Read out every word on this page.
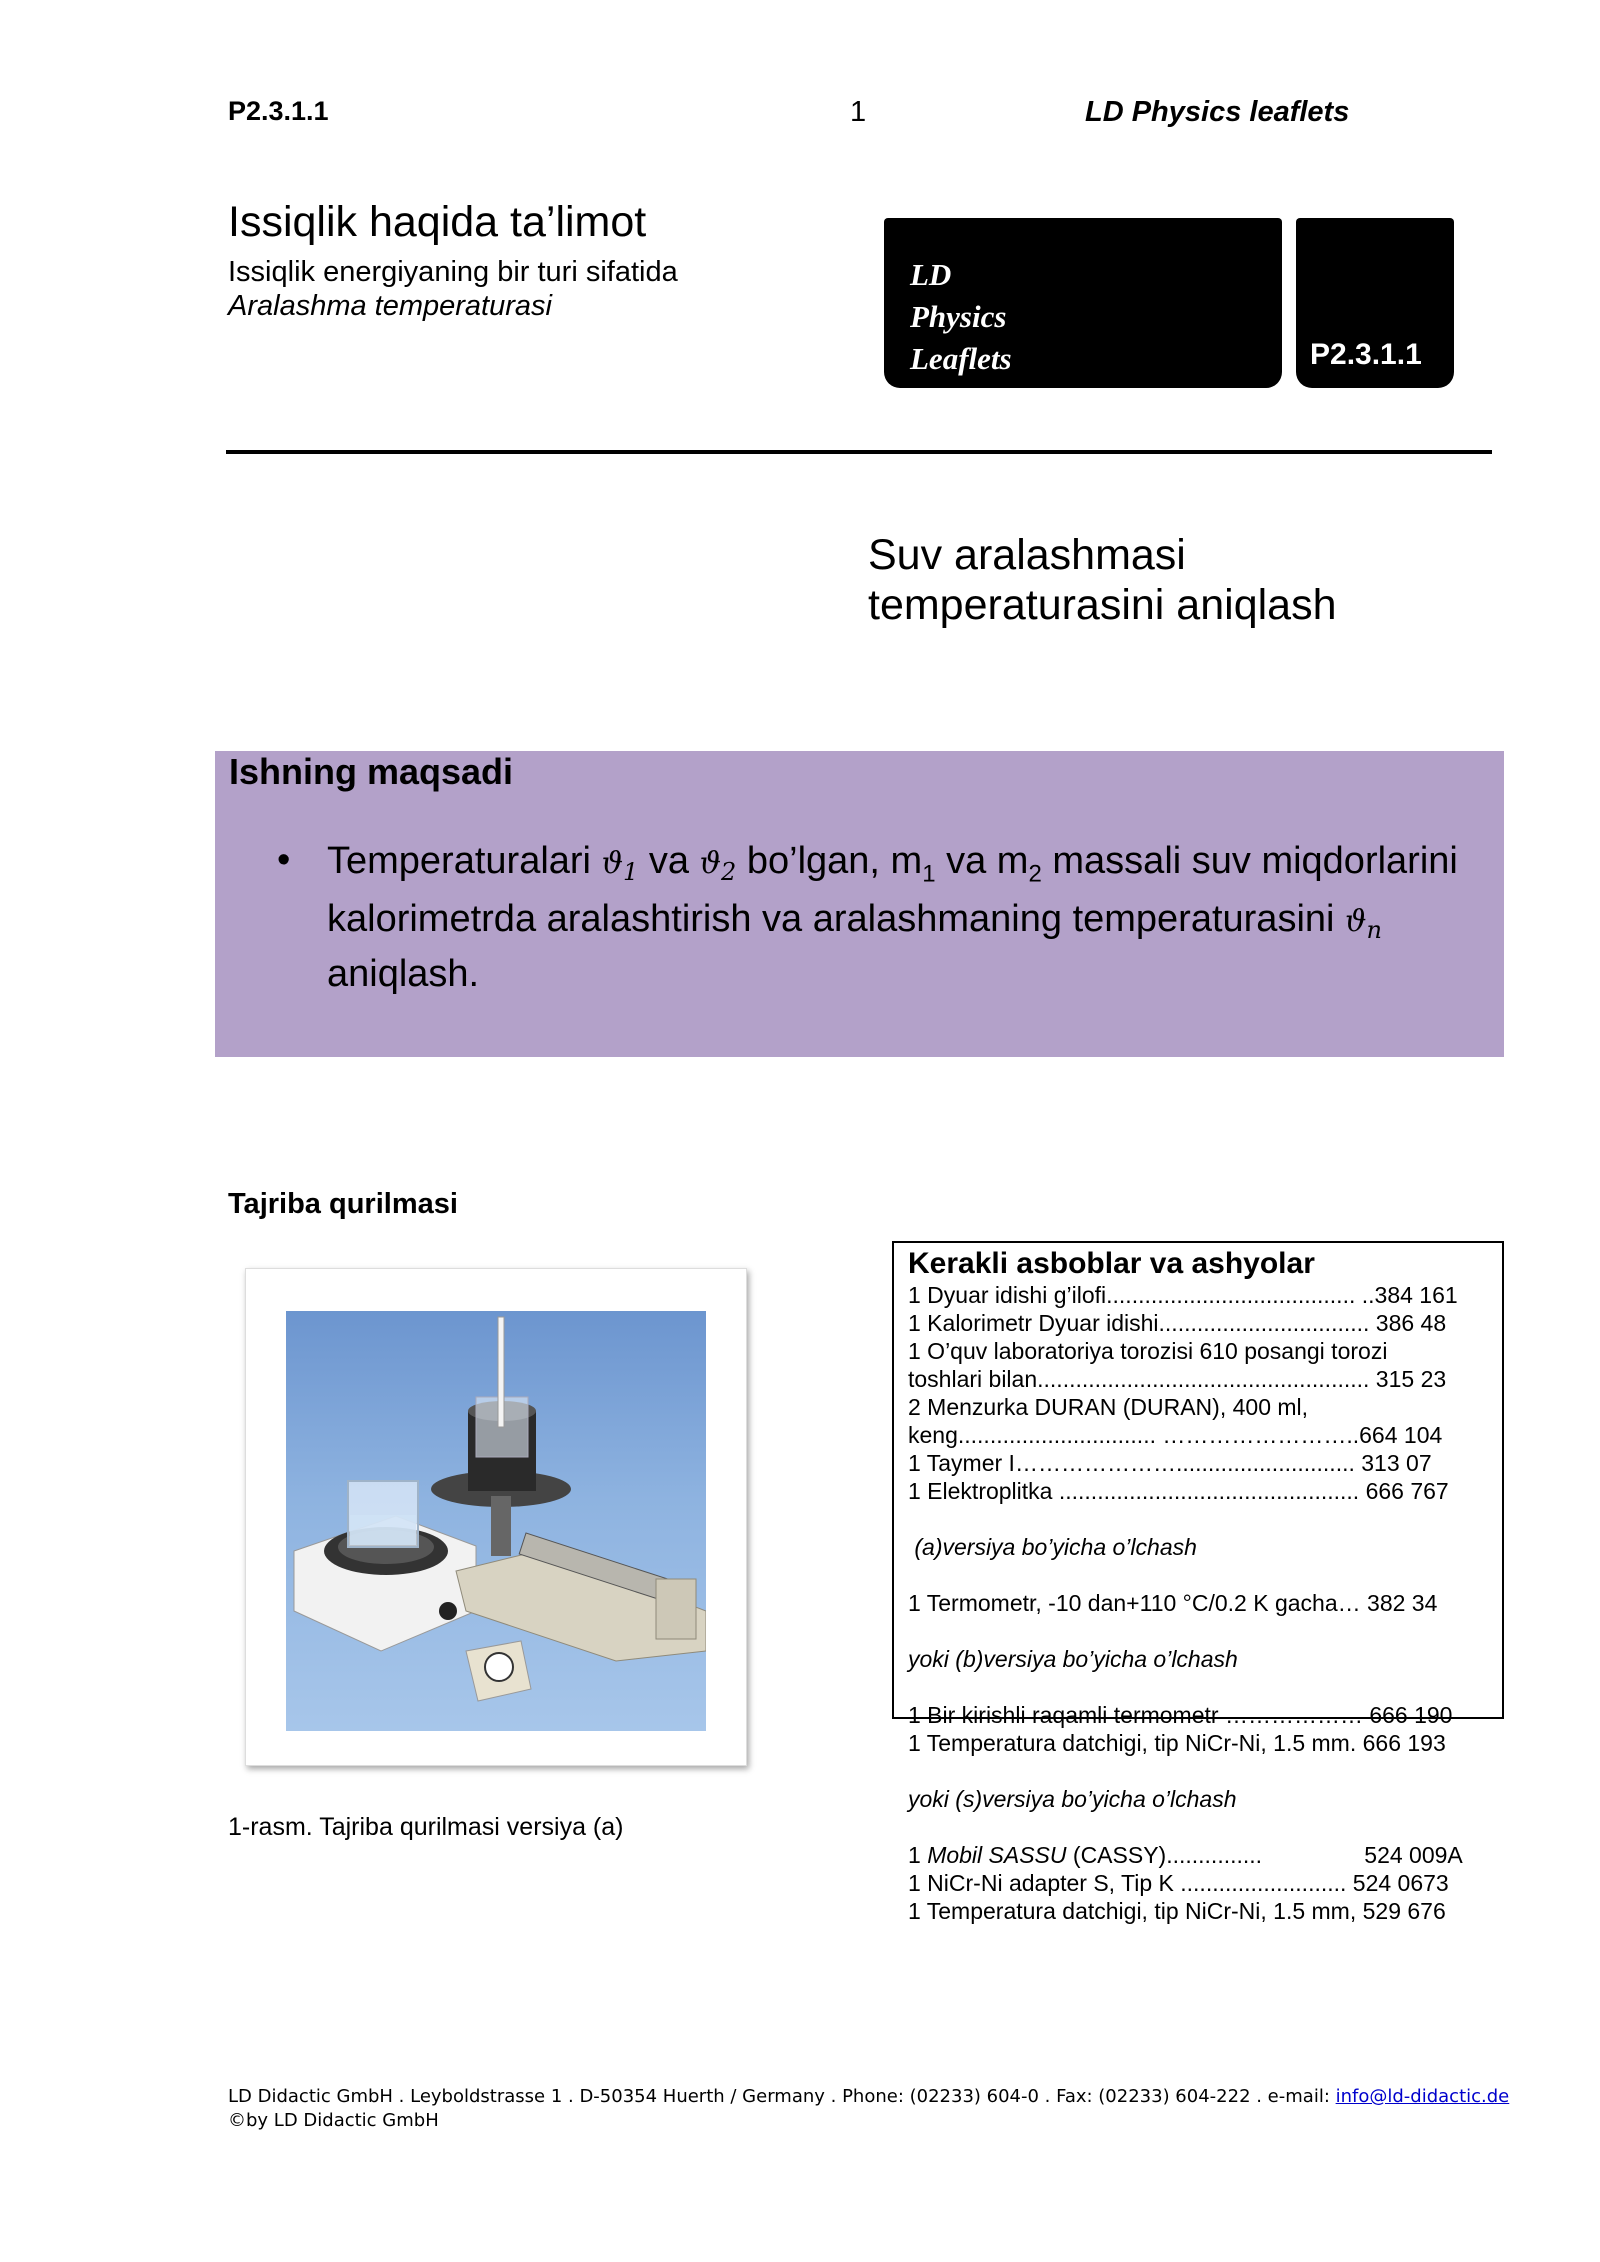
P2.3.1.1	1	LD Physics leaflets
Issiqlik haqida ta’limot
Issiqlik energiyaning bir turi sifatida
Aralashma temperaturasi
LD
Physics
Leaflets	P2.3.1.1
Suv aralashmasi
temperaturasini aniqlash
Ishning maqsadi
• Temperaturalari $ϑ_1$ va $ϑ_2$ bo’lgan, $m_1$ va $m_2$ massali suv miqdorlarini kalorimetrda aralashtirish va aralashmaning temperaturasini $ϑ_n$
aniqlash.
Tajriba qurilmasi
1-rasm. Tajriba qurilmasi versiya (a)
Kerakli asboblar va ashyolar
1 Dyuar idishi g’ilofi....................................... ..384 161
1 Kalorimetr Dyuar idishi................................. 386 48
1 O’quv laboratoriya torozisi 610 posangi torozi
toshlari bilan.................................................... 315 23
2 Menzurka DURAN (DURAN), 400 ml,
keng............................... ……………………..664 104
1 Taymer I…………………............................ 313 07
1 Elektroplitka ............................................... 666 767
(a)versiya bo’yicha o’lchash
1 Termometr, -10 dan+110 °C/0.2 K gacha… 382 34
yoki (b)versiya bo’yicha o’lchash
1 Bir kirishli raqamli termometr ……………… 666 190
1 Temperatura datchigi, tip NiCr-Ni, 1.5 mm. 666 193
yoki (s)versiya bo’yicha o’lchash
1 Mobil SASSU (CASSY)...............                524 009A
1 NiCr-Ni adapter S, Tip K .......................... 524 0673
1 Temperatura datchigi, tip NiCr-Ni, 1.5 mm, 529 676
LD Didactic GmbH . Leyboldstrasse 1 . D-50354 Huerth / Germany . Phone: (02233) 604-0 . Fax: (02233) 604-222 . e-mail: info@ld-didactic.de
©by LD Didactic GmbH
